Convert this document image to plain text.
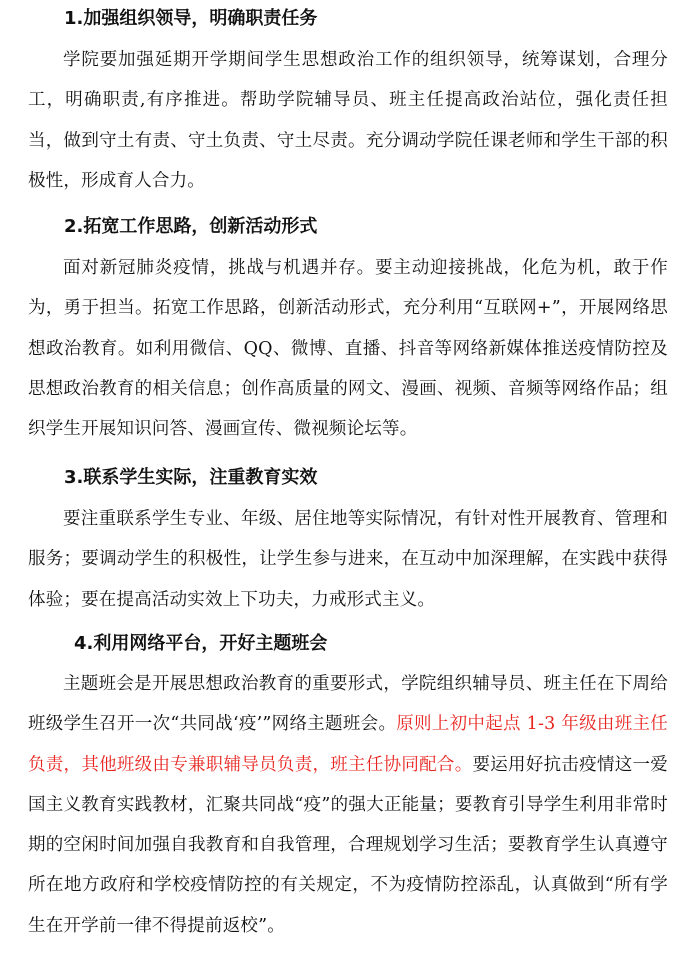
1.加强组织领导，明确职责任务

学院要加强延期开学期间学生思想政治工作的组织领导，统筹谋划，合理分工，明确职责,有序推进。帮助学院辅导员、班主任提高政治站位，强化责任担当，做到守土有责、守土负责、守土尽责。充分调动学院任课老师和学生干部的积极性，形成育人合力。

2.拓宽工作思路，创新活动形式

面对新冠肺炎疫情，挑战与机遇并存。要主动迎接挑战，化危为机，敢于作为，勇于担当。拓宽工作思路，创新活动形式，充分利用“互联网+”，开展网络思想政治教育。如利用微信、QQ、微博、直播、抖音等网络新媒体推送疫情防控及思想政治教育的相关信息；创作高质量的网文、漫画、视频、音频等网络作品；组织学生开展知识问答、漫画宣传、微视频论坛等。

3.联系学生实际，注重教育实效

要注重联系学生专业、年级、居住地等实际情况，有针对性开展教育、管理和服务；要调动学生的积极性，让学生参与进来，在互动中加深理解，在实践中获得体验；要在提高活动实效上下功夫，力戒形式主义。

4.利用网络平台，开好主题班会

主题班会是开展思想政治教育的重要形式，学院组织辅导员、班主任在下周给班级学生召开一次“共同战‘疫’”网络主题班会。原则上初中起点 1-3 年级由班主任负责，其他班级由专兼职辅导员负责，班主任协同配合。要运用好抗击疫情这一爱国主义教育实践教材，汇聚共同战“疫”的强大正能量；要教育引导学生利用非常时期的空闲时间加强自我教育和自我管理，合理规划学习生活；要教育学生认真遵守所在地方政府和学校疫情防控的有关规定，不为疫情防控添乱，认真做到“所有学生在开学前一律不得提前返校”。
